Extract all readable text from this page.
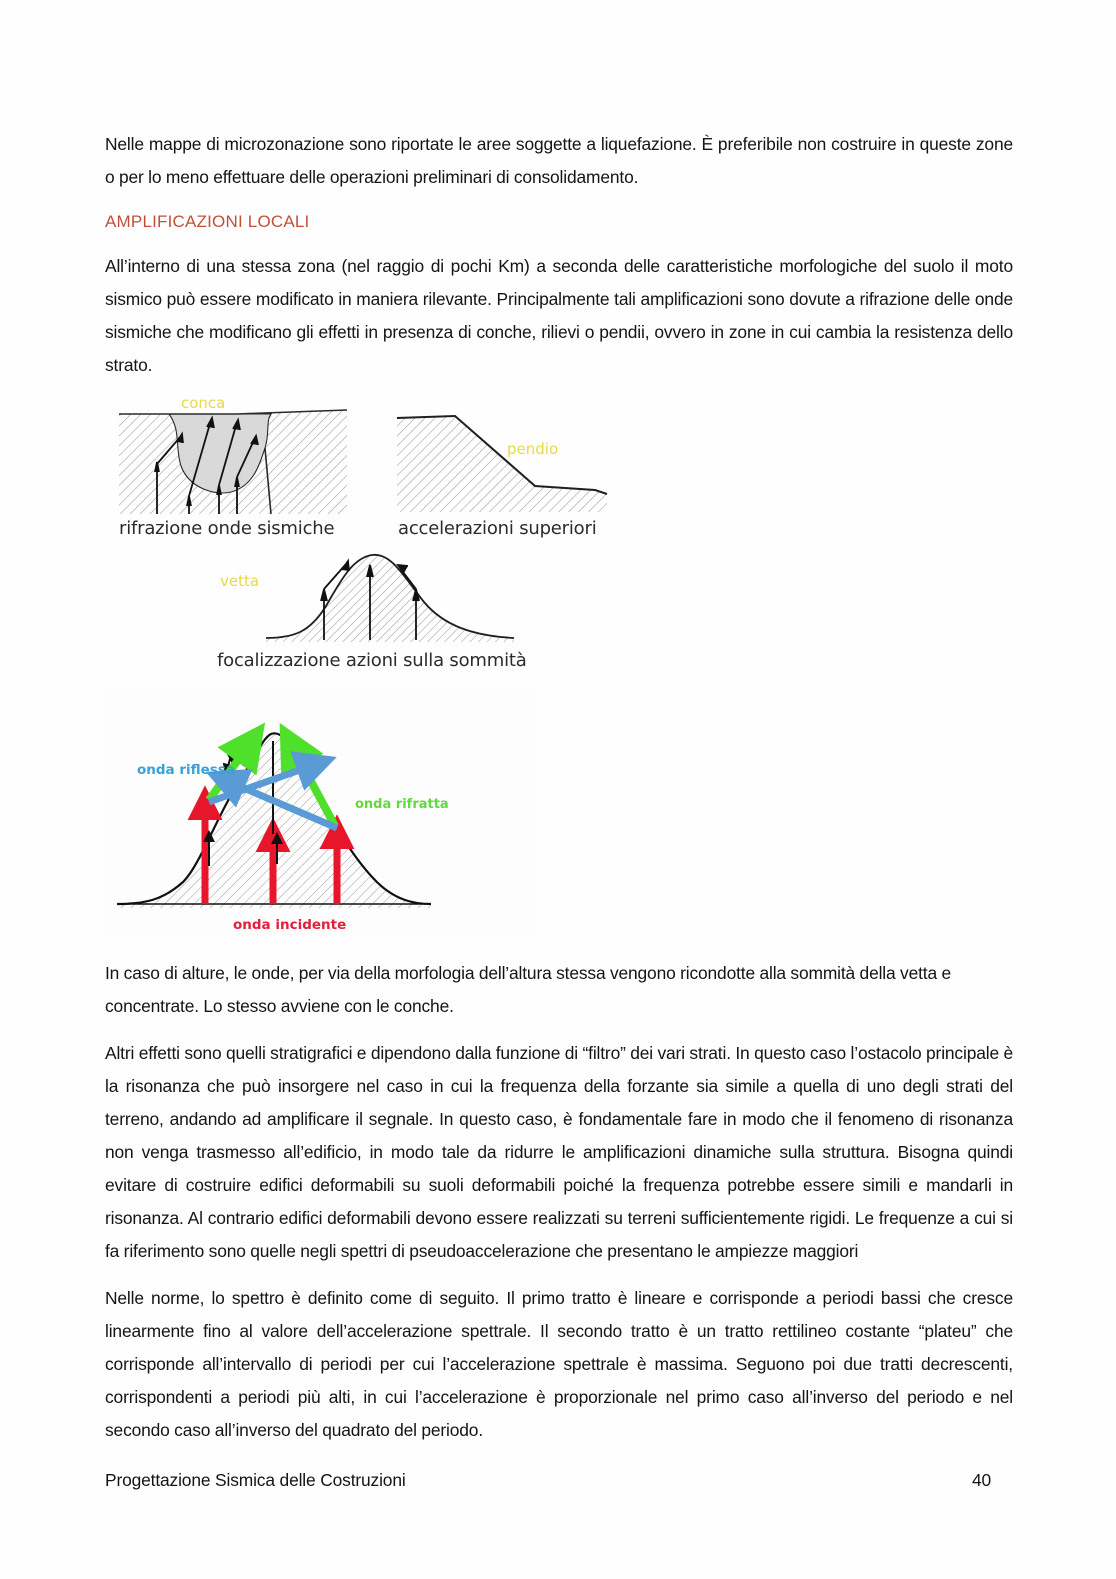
Nelle mappe di microzonazione sono riportate le aree soggette a liquefazione. È preferibile non costruire in queste zone o per lo meno effettuare delle operazioni preliminari di consolidamento.

AMPLIFICAZIONI LOCALI

All’interno di una stessa zona (nel raggio di pochi Km) a seconda delle caratteristiche morfologiche del suolo il moto sismico può essere modificato in maniera rilevante. Principalmente tali amplificazioni sono dovute a rifrazione delle onde sismiche che modificano gli effetti in presenza di conche, rilievi o pendii, ovvero in zone in cui cambia la resistenza dello strato.

conca
pendio
rifrazione onde sismiche	accelerazioni superiori
vetta
focalizzazione azioni sulla sommità
onda riflessa
onda rifratta
onda incidente

In caso di alture, le onde, per via della morfologia dell’altura stessa vengono ricondotte alla sommità della vetta e concentrate. Lo stesso avviene con le conche.

Altri effetti sono quelli stratigrafici e dipendono dalla funzione di “filtro” dei vari strati. In questo caso l’ostacolo principale è la risonanza che può insorgere nel caso in cui la frequenza della forzante sia simile a quella di uno degli strati del terreno, andando ad amplificare il segnale. In questo caso, è fondamentale fare in modo che il fenomeno di risonanza non venga trasmesso all’edificio, in modo tale da ridurre le amplificazioni dinamiche sulla struttura. Bisogna quindi evitare di costruire edifici deformabili su suoli deformabili poiché la frequenza potrebbe essere simili e mandarli in risonanza. Al contrario edifici deformabili devono essere realizzati su terreni sufficientemente rigidi. Le frequenze a cui si fa riferimento sono quelle negli spettri di pseudoaccelerazione che presentano le ampiezze maggiori

Nelle norme, lo spettro è definito come di seguito. Il primo tratto è lineare e corrisponde a periodi bassi che cresce linearmente fino al valore dell’accelerazione spettrale. Il secondo tratto è un tratto rettilineo costante “plateu” che corrisponde all’intervallo di periodi per cui l’accelerazione spettrale è massima. Seguono poi due tratti decrescenti, corrispondenti a periodi più alti, in cui l’accelerazione è proporzionale nel primo caso all’inverso del periodo e nel secondo caso all’inverso del quadrato del periodo.

Progettazione Sismica delle Costruzioni	40
